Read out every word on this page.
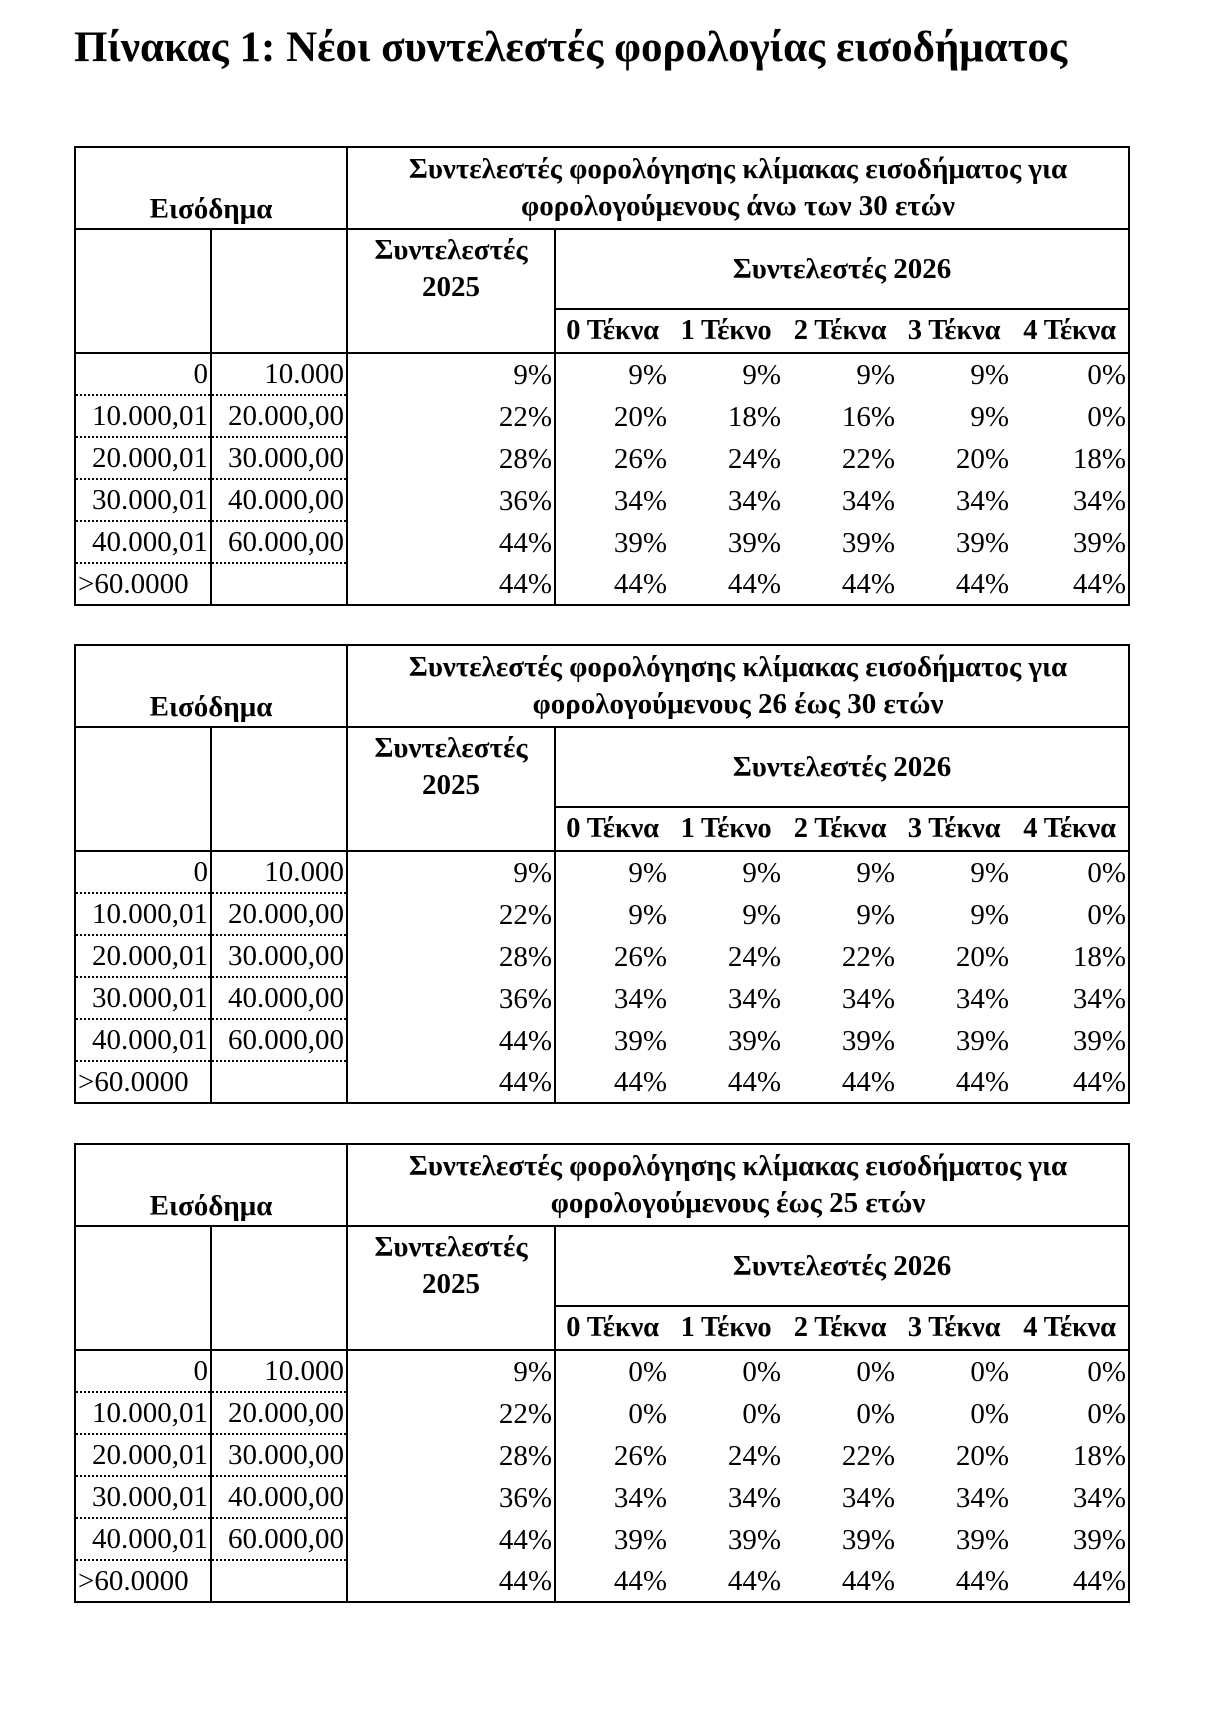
Πίνακας 1: Νέοι συντελεστές φορολογίας εισοδήματος
Εισόδημα		Συντελεστές φορολόγησης κλίμακας εισοδήματος για φορολογούμενους άνω των 30 ετών					
		Συντελεστές 2025	Συντελεστές 2026				
			0 Τέκνα	1 Τέκνο	2 Τέκνα	3 Τέκνα	4 Τέκνα
0	10.000	9%	9%	9%	9%	9%	0%
10.000,01	20.000,00	22%	20%	18%	16%	9%	0%
20.000,01	30.000,00	28%	26%	24%	22%	20%	18%
30.000,01	40.000,00	36%	34%	34%	34%	34%	34%
40.000,01	60.000,00	44%	39%	39%	39%	39%	39%
>60.0000		44%	44%	44%	44%	44%	44%
Εισόδημα		Συντελεστές φορολόγησης κλίμακας εισοδήματος για φορολογούμενους 26 έως 30 ετών					
		Συντελεστές 2025	Συντελεστές 2026				
			0 Τέκνα	1 Τέκνο	2 Τέκνα	3 Τέκνα	4 Τέκνα
0	10.000	9%	9%	9%	9%	9%	0%
10.000,01	20.000,00	22%	9%	9%	9%	9%	0%
20.000,01	30.000,00	28%	26%	24%	22%	20%	18%
30.000,01	40.000,00	36%	34%	34%	34%	34%	34%
40.000,01	60.000,00	44%	39%	39%	39%	39%	39%
>60.0000		44%	44%	44%	44%	44%	44%
Εισόδημα		Συντελεστές φορολόγησης κλίμακας εισοδήματος για φορολογούμενους έως 25 ετών					
		Συντελεστές 2025	Συντελεστές 2026				
			0 Τέκνα	1 Τέκνο	2 Τέκνα	3 Τέκνα	4 Τέκνα
0	10.000	9%	0%	0%	0%	0%	0%
10.000,01	20.000,00	22%	0%	0%	0%	0%	0%
20.000,01	30.000,00	28%	26%	24%	22%	20%	18%
30.000,01	40.000,00	36%	34%	34%	34%	34%	34%
40.000,01	60.000,00	44%	39%	39%	39%	39%	39%
>60.0000		44%	44%	44%	44%	44%	44%
